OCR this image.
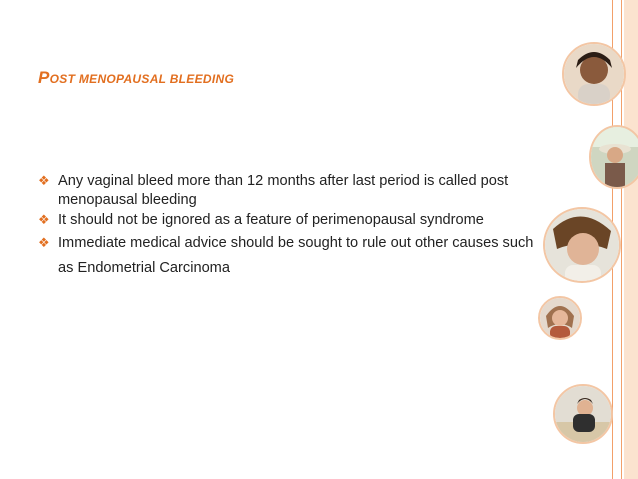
POST MENOPAUSAL BLEEDING
❖ Any vaginal bleed more than 12 months after last period is called post menopausal bleeding
❖ It should not be ignored as a feature of perimenopausal syndrome
❖ Immediate medical advice should be sought to rule out other causes such as Endometrial Carcinoma
